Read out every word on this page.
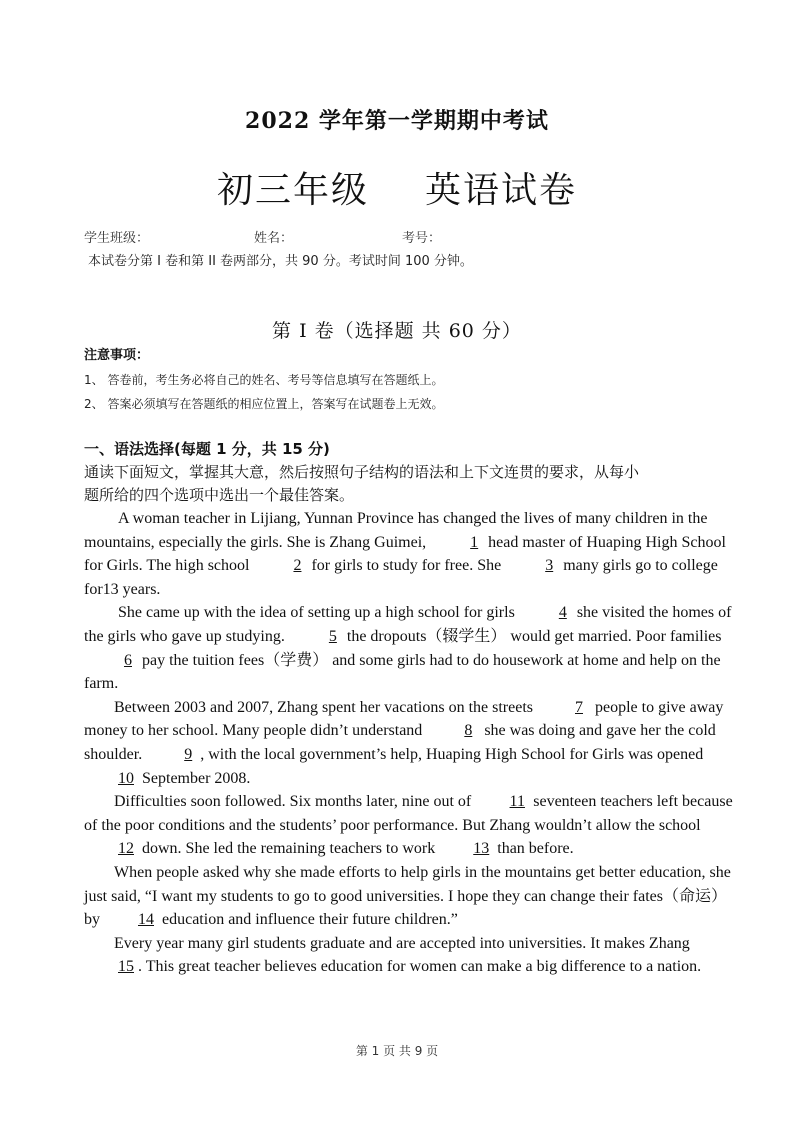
2022 学年第一学期期中考试
初三年级 英语试卷
学生班级：	姓名：	考号：
本试卷分第 I 卷和第 II 卷两部分，共 90 分。考试时间 100 分钟。
第 I 卷（选择题 共 60 分）
注意事项：
1、 答卷前，考生务必将自己的姓名、考号等信息填写在答题纸上。
2、 答案必须填写在答题纸的相应位置上，答案写在试题卷上无效。
一、语法选择(每题 1 分，共 15 分)
通读下面短文，掌握其大意，然后按照句子结构的语法和上下文连贯的要求，从每小
题所给的四个选项中选出一个最佳答案。

A woman teacher in Lijiang, Yunnan Province has changed the lives of many children in the mountains, especially the girls. She is Zhang Guimei,	1 head master of Huaping High School for Girls. The high school	2 for girls to study for free. She	3 many girls go to college for13 years.

She came up with the idea of setting up a high school for girls	4 she visited the homes of the girls who gave up studying.	5 the dropouts（辍学生） would get married. Poor families 6 pay the tuition fees（学费） and some girls had to do housework at home and help on the farm.

Between 2003 and 2007, Zhang spent her vacations on the streets 7 people to give away money to her school. Many people didn’t understand 8 she was doing and gave her the cold shoulder. 9 , with the local government’s help, Huaping High School for Girls was opened 10 September 2008.

Difficulties soon followed. Six months later, nine out of 11 seventeen teachers left because of the poor conditions and the students’ poor performance. But Zhang wouldn’t allow the school 12 down. She led the remaining teachers to work 13 than before.

When people asked why she made efforts to help girls in the mountains get better education, she just said, “I want my students to go to good universities. I hope they can change their fates（命运）by 14 education and influence their future children.”

Every year many girl students graduate and are accepted into universities. It makes Zhang 15 . This great teacher believes education for women can make a big difference to a nation.

第 1 页 共 9 页
